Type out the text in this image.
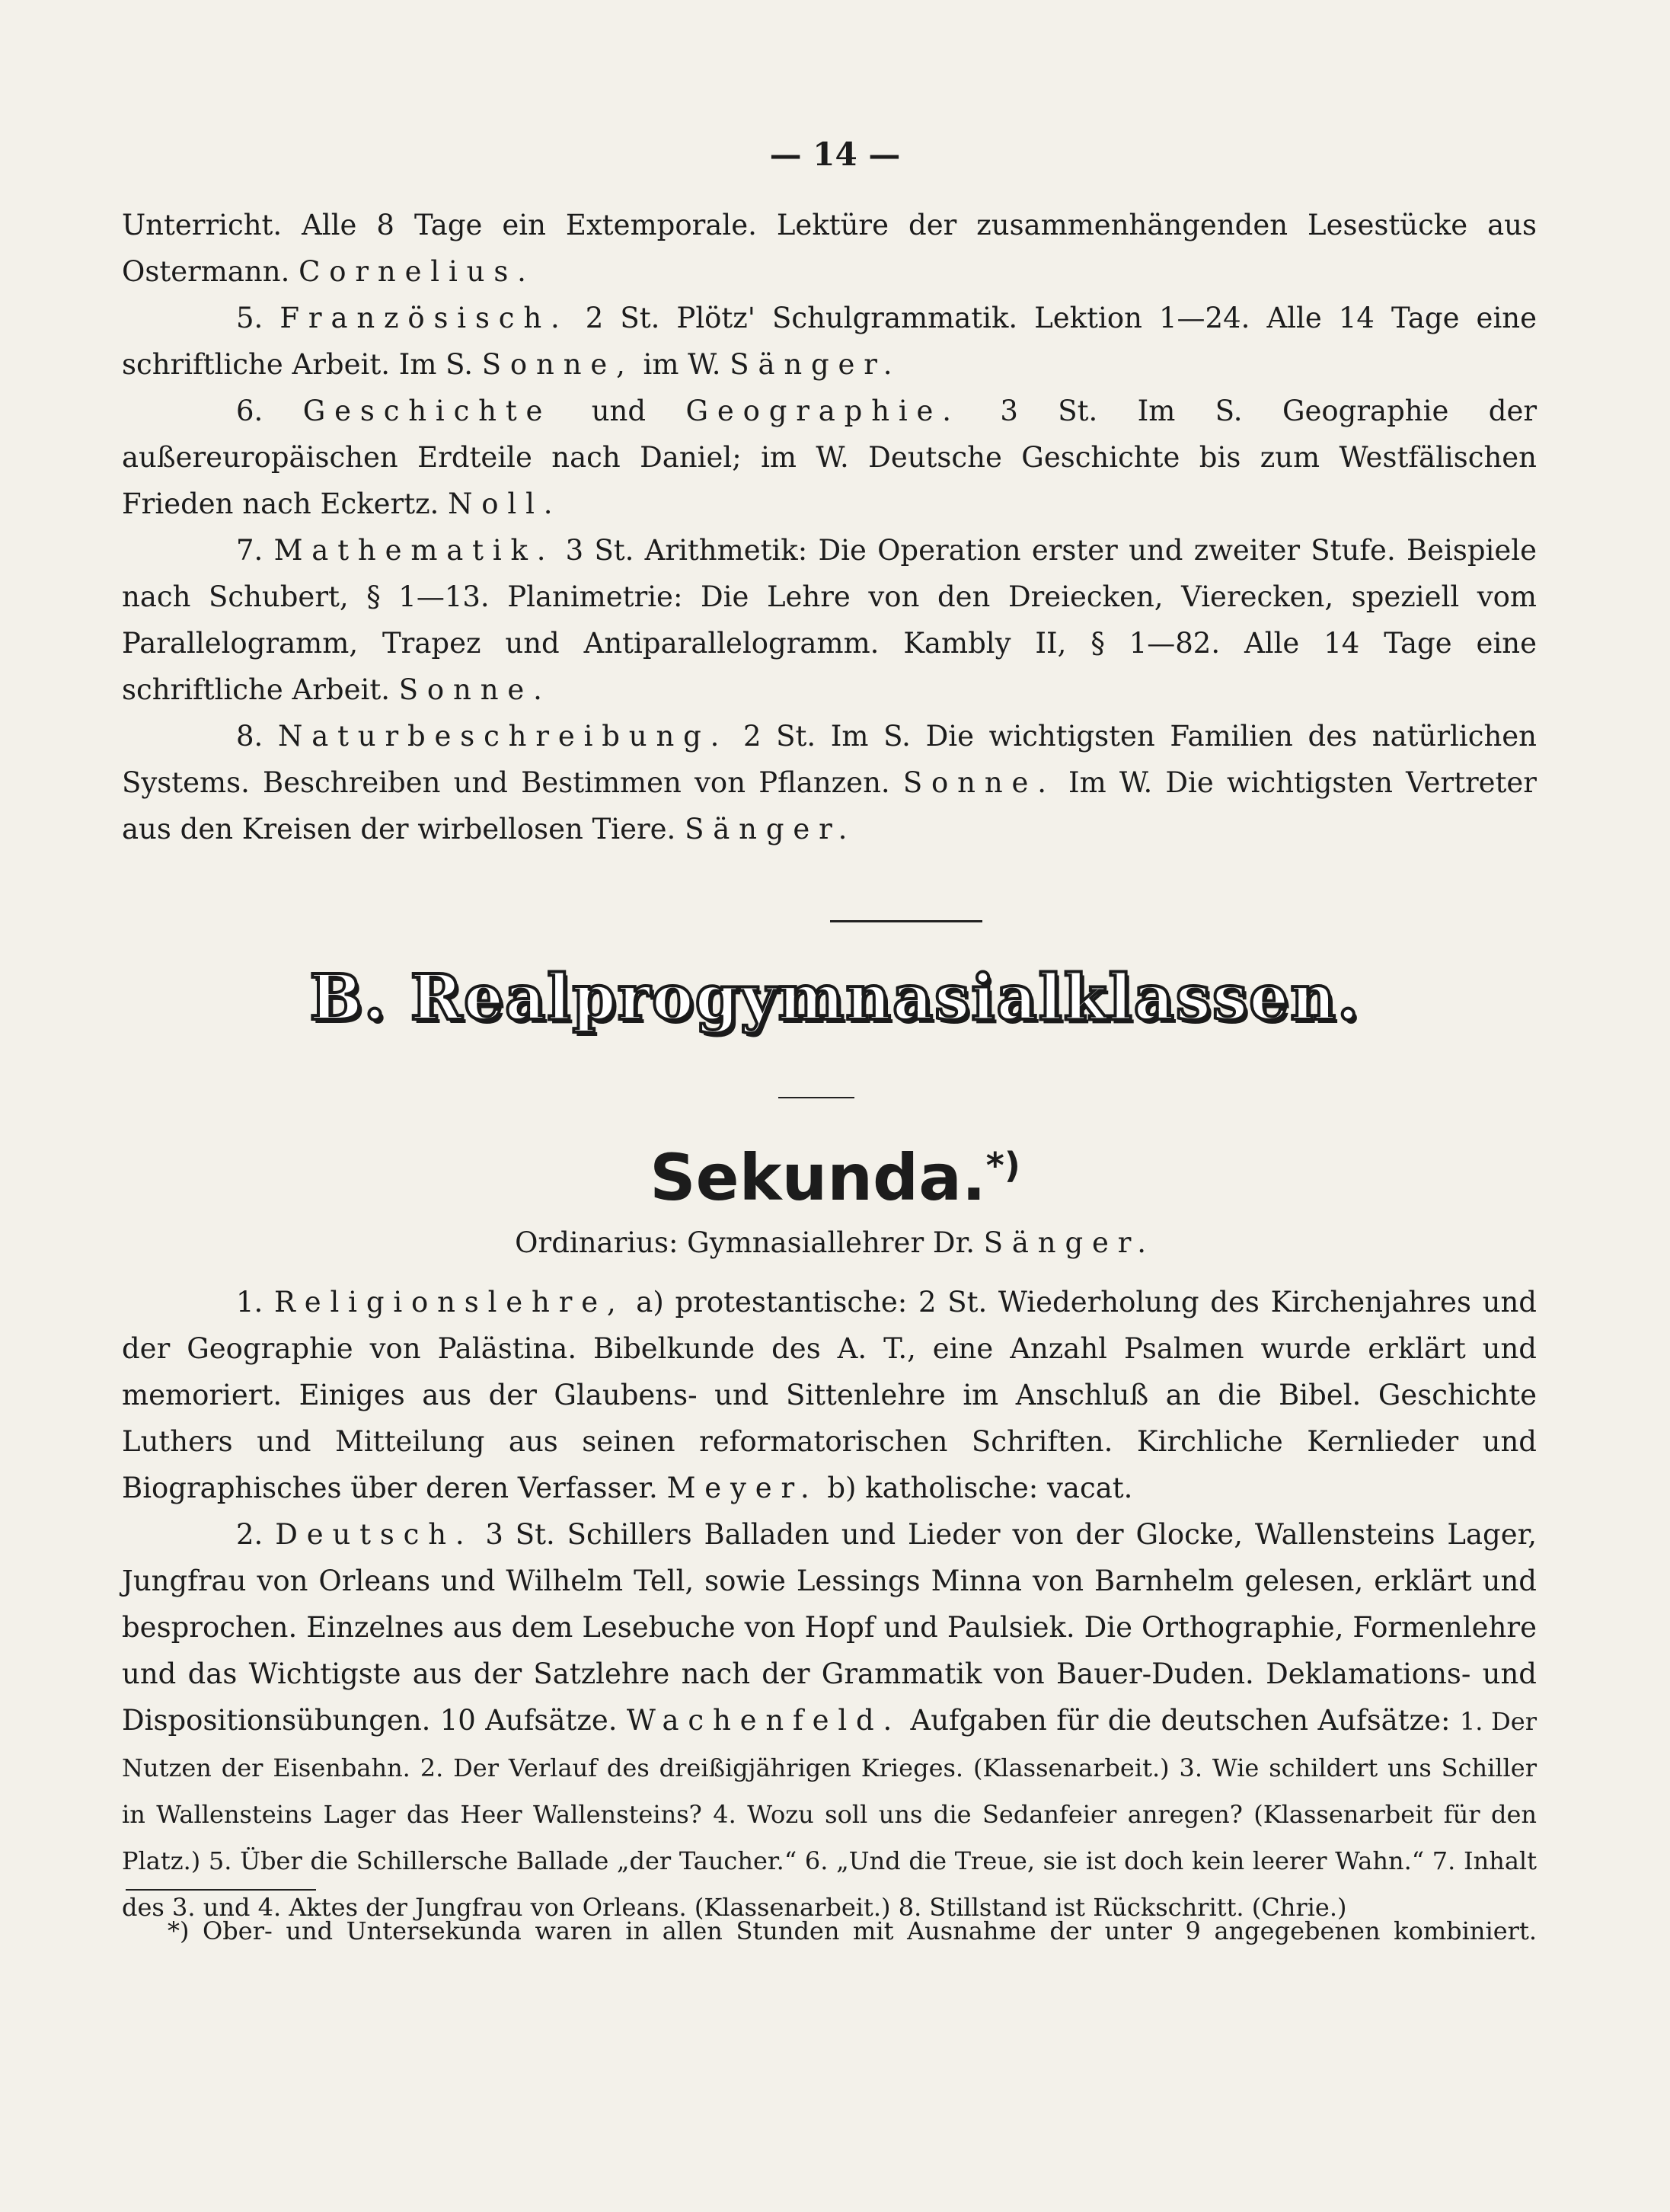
— 14 —

Unterricht. Alle 8 Tage ein Extemporale. Lektüre der zusammenhängenden Lesestücke aus Ostermann. Cornelius.

5. Französisch. 2 St. Plötz' Schulgrammatik. Lektion 1—24. Alle 14 Tage eine schriftliche Arbeit. Im S. Sonne, im W. Sänger.

6. Geschichte und Geographie. 3 St. Im S. Geographie der außereuropäischen Erdteile nach Daniel; im W. Deutsche Geschichte bis zum Westfälischen Frieden nach Eckertz. Noll.

7. Mathematik. 3 St. Arithmetik: Die Operation erster und zweiter Stufe. Beispiele nach Schubert, § 1—13. Planimetrie: Die Lehre von den Dreiecken, Vierecken, speziell vom Parallelogramm, Trapez und Antiparallelogramm. Kambly II, § 1—82. Alle 14 Tage eine schriftliche Arbeit. Sonne.

8. Naturbeschreibung. 2 St. Im S. Die wichtigsten Familien des natürlichen Systems. Beschreiben und Bestimmen von Pflanzen. Sonne. Im W. Die wichtigsten Vertreter aus den Kreisen der wirbellosen Tiere. Sänger.

B. Realprogymnasialklassen.
Sekunda.*)

Ordinarius: Gymnasiallehrer Dr. Sänger.

1. Religionslehre, a) protestantische: 2 St. Wiederholung des Kirchenjahres und der Geographie von Palästina. Bibelkunde des A. T., eine Anzahl Psalmen wurde erklärt und memoriert. Einiges aus der Glaubens- und Sittenlehre im Anschluß an die Bibel. Geschichte Luthers und Mitteilung aus seinen reformatorischen Schriften. Kirchliche Kernlieder und Biographisches über deren Verfasser. Meyer. b) katholische: vacat.

2. Deutsch. 3 St. Schillers Balladen und Lieder von der Glocke, Wallensteins Lager, Jungfrau von Orleans und Wilhelm Tell, sowie Lessings Minna von Barnhelm gelesen, erklärt und besprochen. Einzelnes aus dem Lesebuche von Hopf und Paulsiek. Die Orthographie, Formenlehre und das Wichtigste aus der Satzlehre nach der Grammatik von Bauer-Duden. Deklamations- und Dispositionsübungen. 10 Aufsätze. Wachenfeld. Aufgaben für die deutschen Aufsätze: 1. Der Nutzen der Eisenbahn. 2. Der Verlauf des dreißigjährigen Krieges. (Klassenarbeit.) 3. Wie schildert uns Schiller in Wallensteins Lager das Heer Wallensteins? 4. Wozu soll uns die Sedanfeier anregen? (Klassenarbeit für den Platz.) 5. Über die Schillersche Ballade „der Taucher.“ 6. „Und die Treue, sie ist doch kein leerer Wahn.“ 7. Inhalt des 3. und 4. Aktes der Jungfrau von Orleans. (Klassenarbeit.) 8. Stillstand ist Rückschritt. (Chrie.)

*) Ober- und Untersekunda waren in allen Stunden mit Ausnahme der unter 9 angegebenen kombiniert.
